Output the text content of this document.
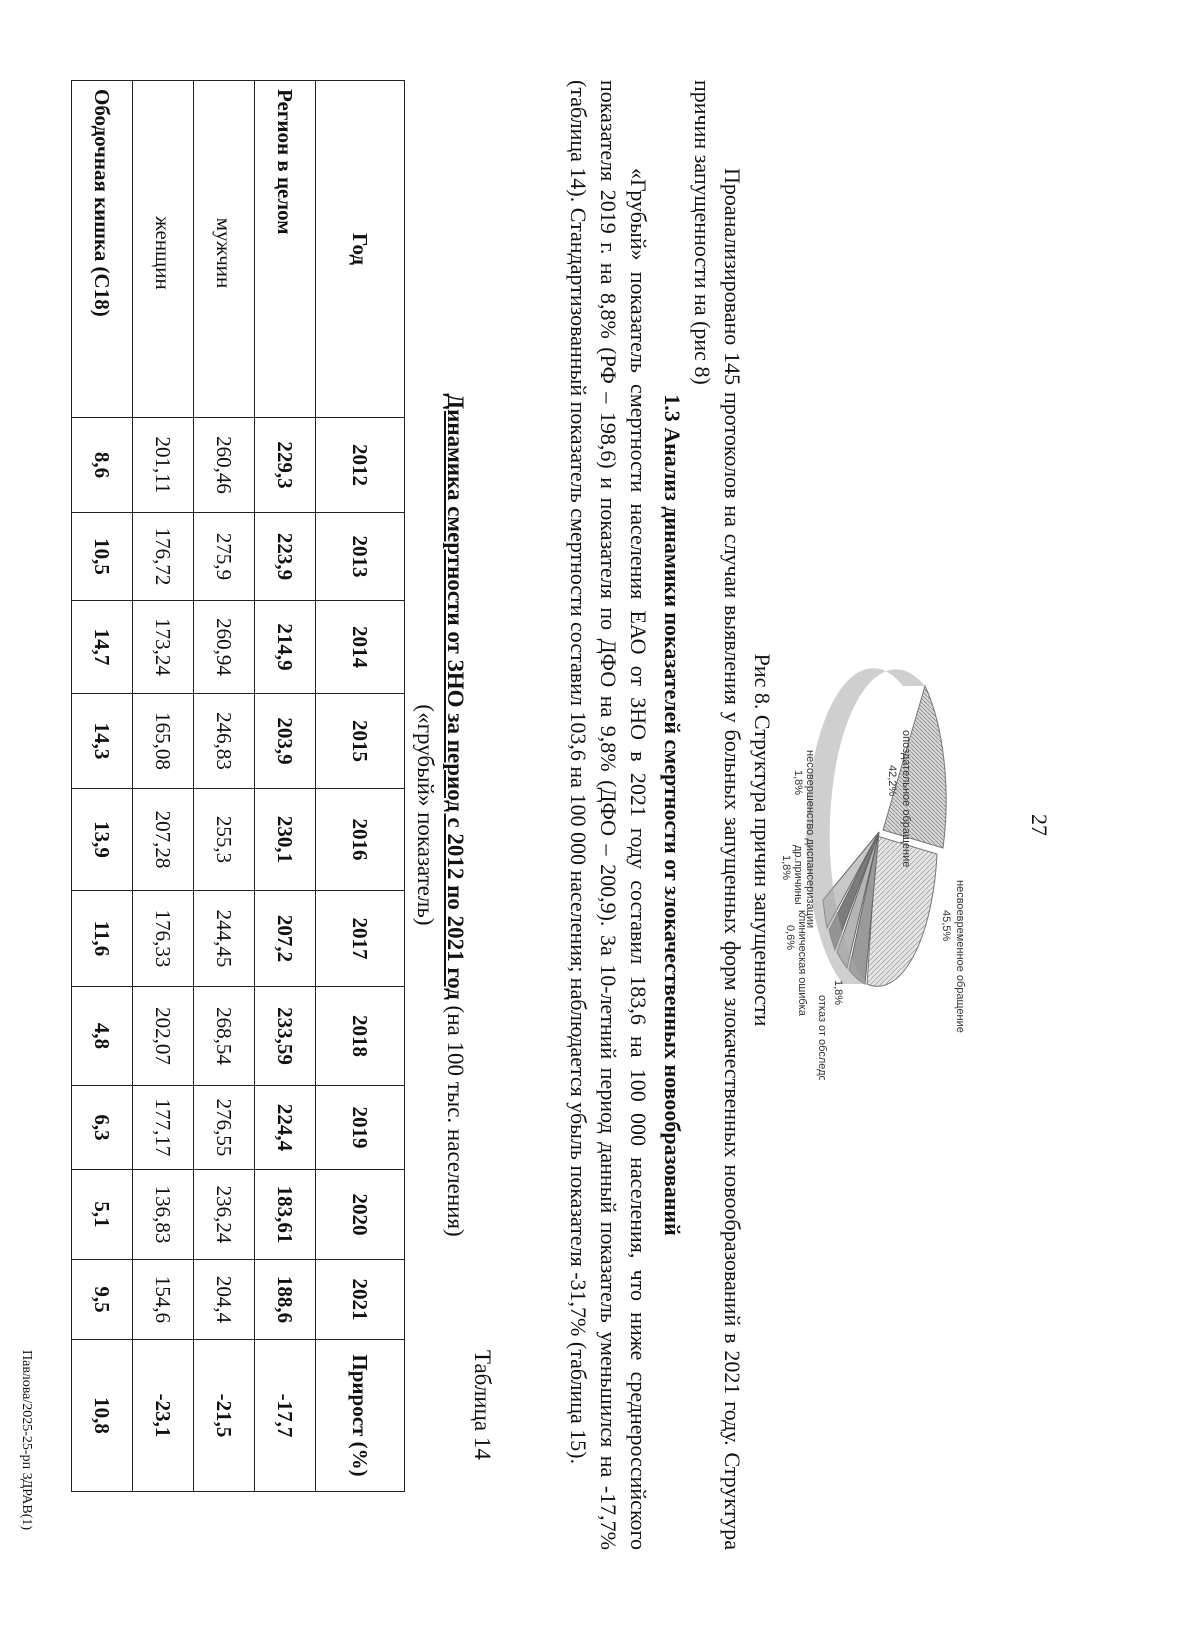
27
опоздательное обращение
42,2%
несвоевременное обращение
45,5%
несовершенство диспансеризации
1,8%
др.причины
1,8%
клиническая ошибка
0,6%
отказ от обследо...
1,8%
Рис 8. Структура причин запущенности
Проанализировано 145 протоколов на случаи выявления у больных запущенных форм злокачественных новообразований в 2021 году. Структура причин запущенности на (рис 8)
1.3 Анализ динамики показателей смертности от злокачественных новообразований
«Грубый» показатель смертности населения ЕАО от ЗНО в 2021 году составил 183,6 на 100 000 населения, что ниже среднероссийского показателя 2019 г. на 8,8% (РФ – 198,6) и показателя по ДФО на 9,8% (ДФО – 200,9). За 10-летний период данный показатель уменьшился на -17,7% (таблица 14). Стандартизованный показатель смертности составил 103,6 на 100 000 населения; наблюдается убыль показателя -31,7% (таблица 15).
Таблица 14
Динамика смертности от ЗНО за период с 2012 по 2021 год (на 100 тыс. населения)
(«грубый» показатель)
Год	2012	2013	2014	2015	2016	2017	2018	2019	2020	2021	Прирост (%)
Регион в целом	229,3	223,9	214,9	203,9	230,1	207,2	233,59	224,4	183,61	188,6	-17,7
мужчин	260,46	275,9	260,94	246,83	255,3	244,45	268,54	276,55	236,24	204,4	-21,5
женщин	201,11	176,72	173,24	165,08	207,28	176,33	202,07	177,17	136,83	154,6	-23,1
Ободочная кишка (С18)	8,6	10,5	14,7	14,3	13,9	11,6	4,8	6,3	5,1	9,5	10,8
Павлова/2025-25-рп ЗДРАВ(1)
